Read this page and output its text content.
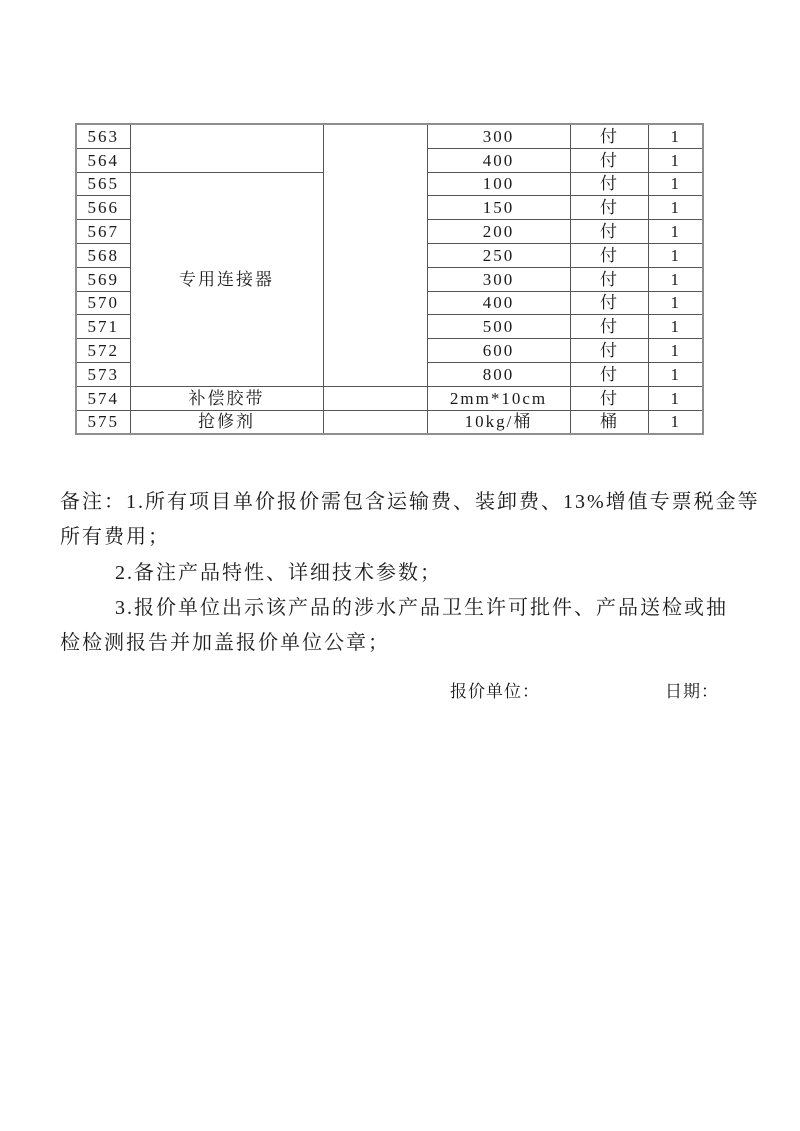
563			300	付	1
564			400	付	1
565	专用连接器		100	付	1
566			150	付	1
567			200	付	1
568			250	付	1
569			300	付	1
570			400	付	1
571			500	付	1
572			600	付	1
573			800	付	1
574	补偿胶带		2mm*10cm	付	1
575	抢修剂		10kg/桶	桶	1
备注：1.所有项目单价报价需包含运输费、装卸费、13%增值专票税金等
所有费用；
2.备注产品特性、详细技术参数；
3.报价单位出示该产品的涉水产品卫生许可批件、产品送检或抽
检检测报告并加盖报价单位公章；
报价单位：	日期：
